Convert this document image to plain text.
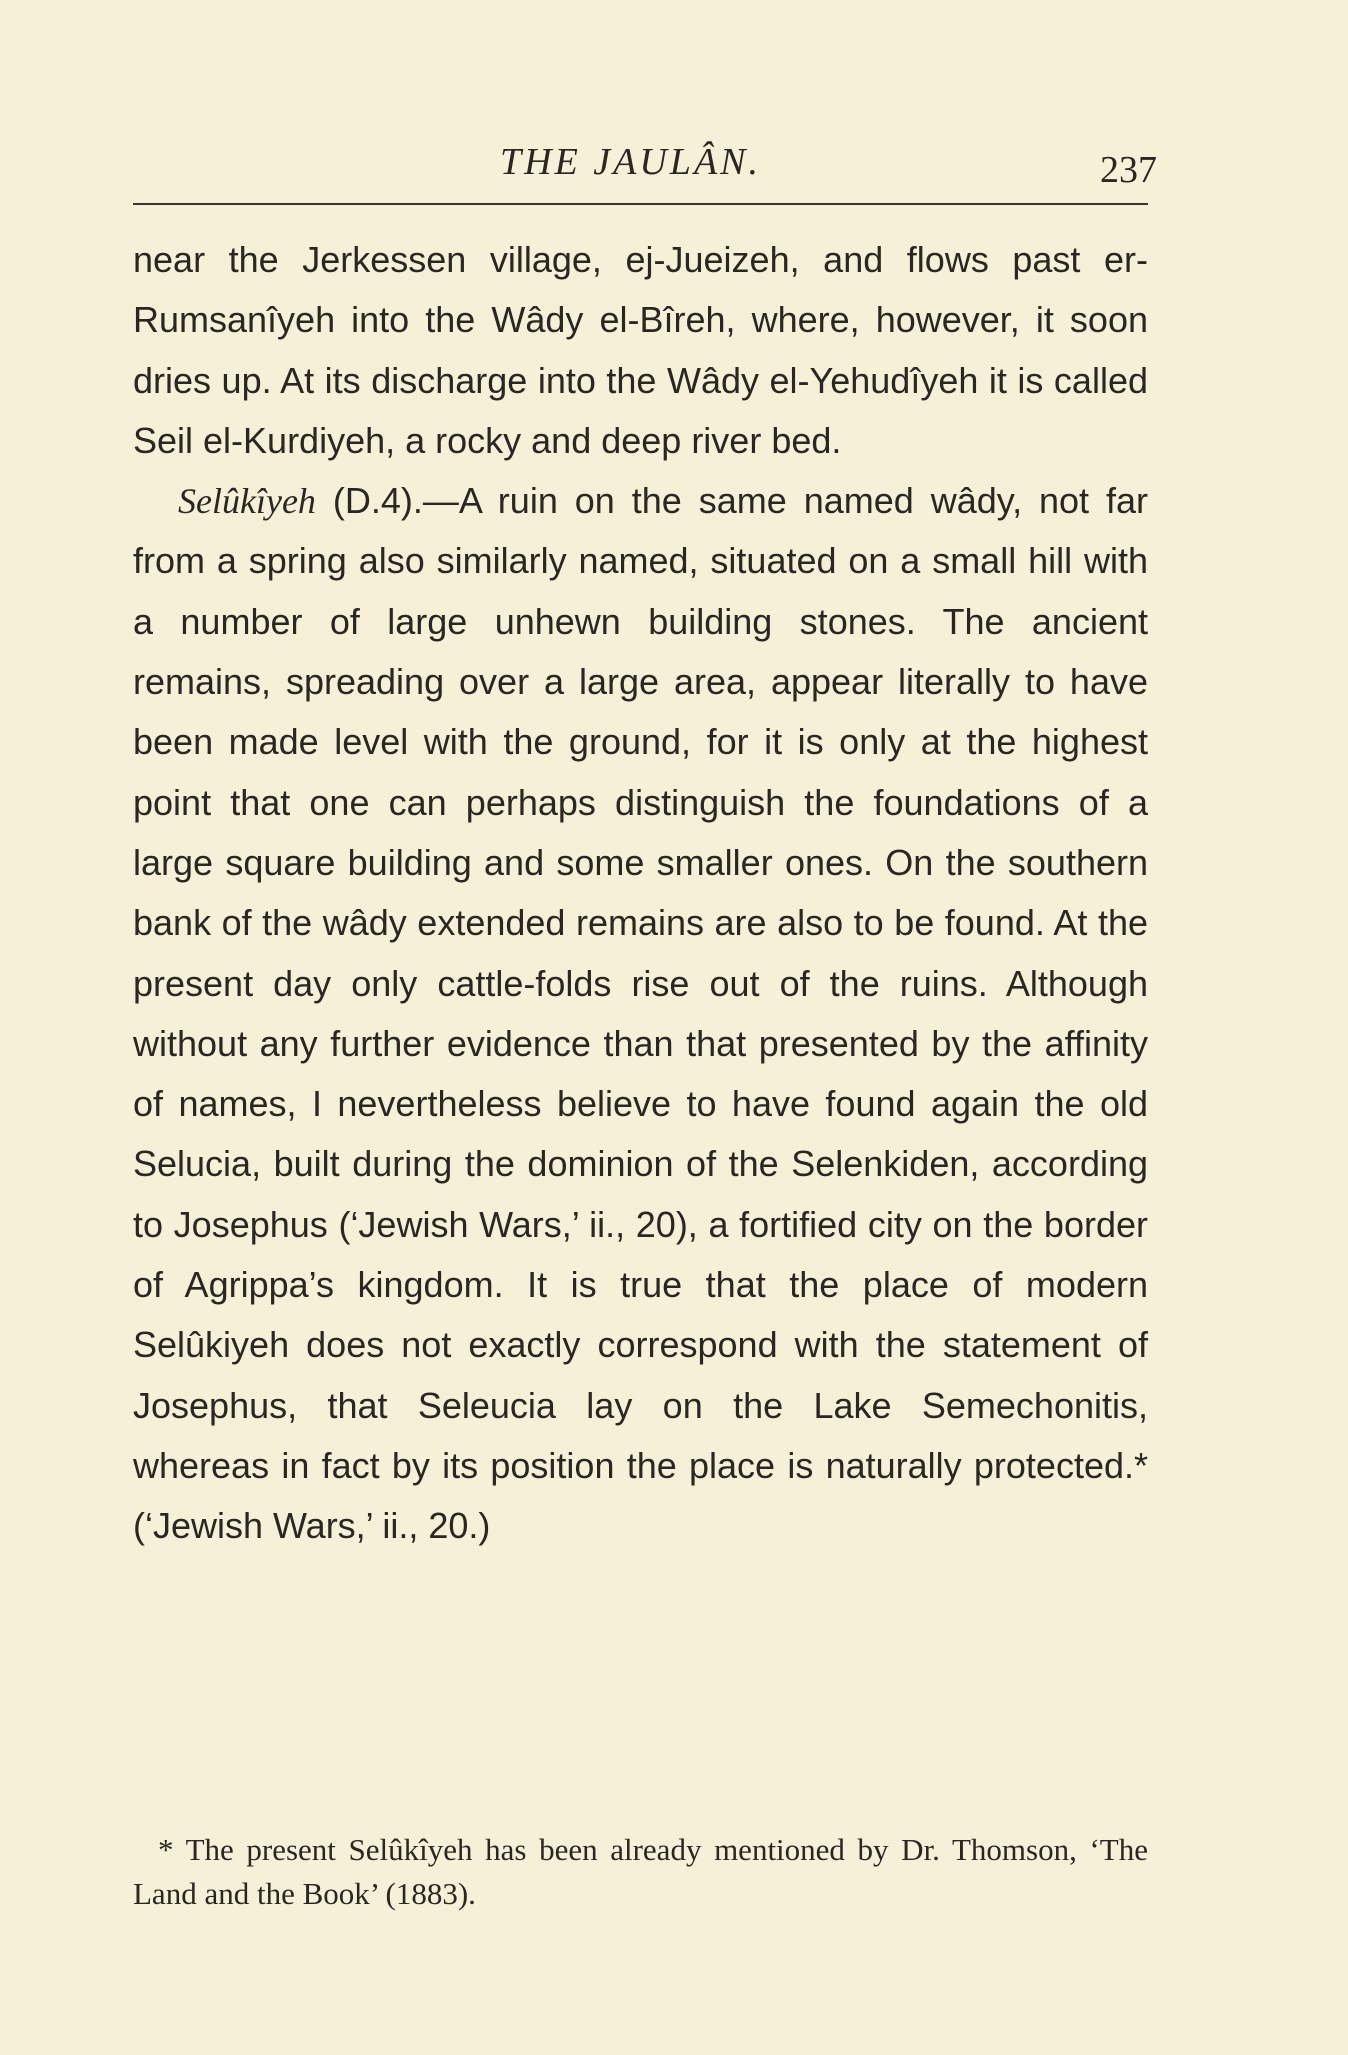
THE JAULÂN.	237

near the Jerkessen village, ej-Jueizeh, and flows past er-Rumsanîyeh into the Wâdy el-Bîreh, where, however, it soon dries up. At its discharge into the Wâdy el-Yehudîyeh it is called Seil el-Kurdiyeh, a rocky and deep river bed.

Selûkîyeh (D.4).—A ruin on the same named wâdy, not far from a spring also similarly named, situated on a small hill with a number of large unhewn building stones. The ancient remains, spreading over a large area, appear literally to have been made level with the ground, for it is only at the highest point that one can perhaps distinguish the foundations of a large square building and some smaller ones. On the southern bank of the wâdy extended remains are also to be found. At the present day only cattle-folds rise out of the ruins. Although without any further evidence than that presented by the affinity of names, I nevertheless believe to have found again the old Selucia, built during the dominion of the Selenkiden, according to Josephus (‘Jewish Wars,’ ii., 20), a fortified city on the border of Agrippa’s kingdom. It is true that the place of modern Selûkiyeh does not exactly correspond with the statement of Josephus, that Seleucia lay on the Lake Semechonitis, whereas in fact by its position the place is naturally protected.* (‘Jewish Wars,’ ii., 20.)

* The present Selûkîyeh has been already mentioned by Dr. Thomson, ‘The Land and the Book’ (1883).
